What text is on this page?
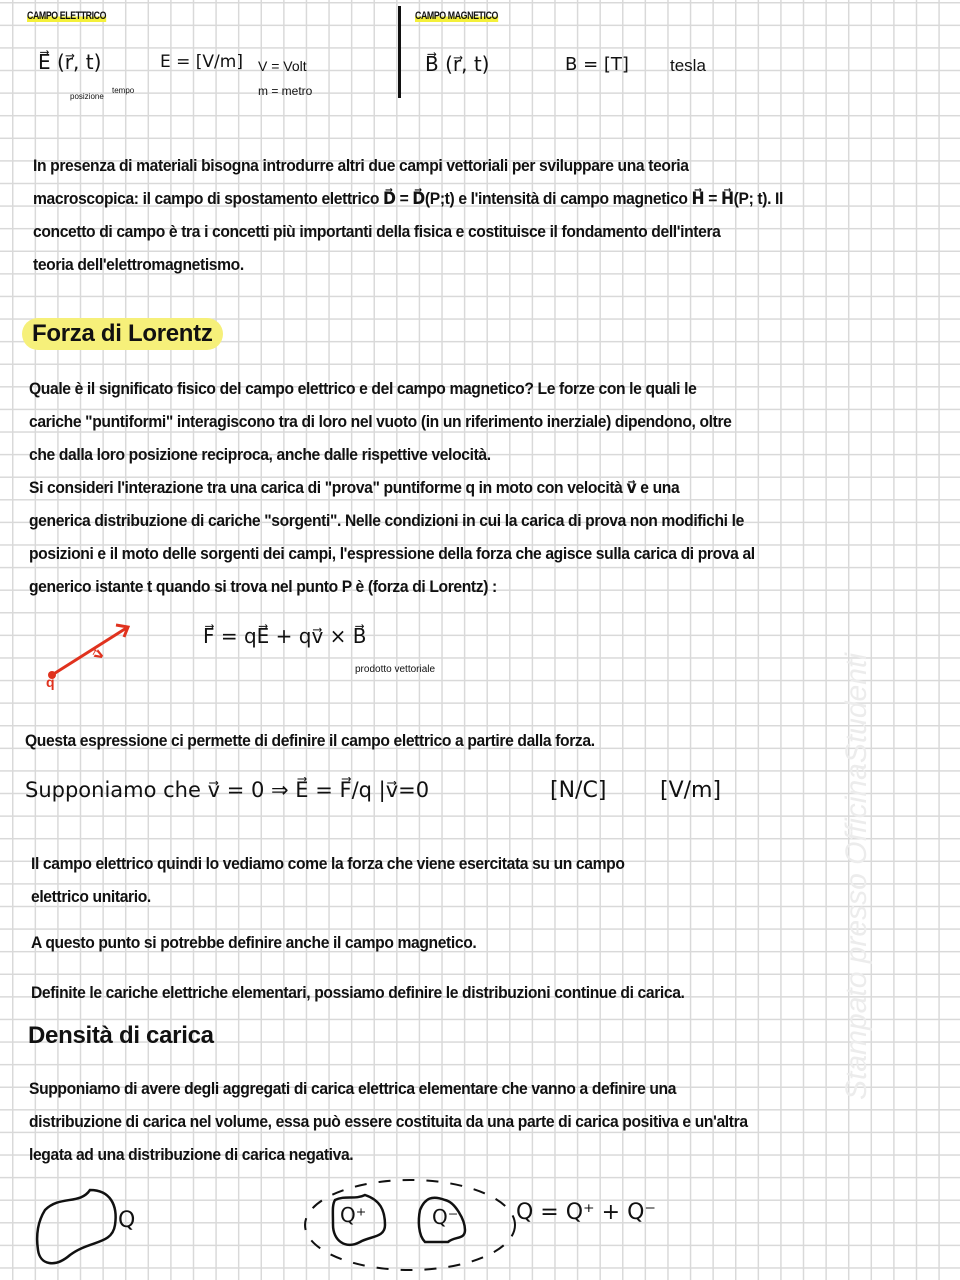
Stampato presso OfficinaStudenti
CAMPO ELETTRICO
E⃗ (r⃗, t)
posizione
tempo
E = [V/m] V = Volt
m = metro
CAMPO MAGNETICO
B⃗ (r⃗, t)	B = [T] tesla
In presenza di materiali bisogna introdurre altri due campi vettoriali per sviluppare una teoria
macroscopica: il campo di spostamento elettrico D⃗ = D⃗(P;t) e l'intensità di campo magnetico H⃗ = H⃗(P; t). Il
concetto di campo è tra i concetti più importanti della fisica e costituisce il fondamento dell'intera
teoria dell'elettromagnetismo.
Forza di Lorentz
Quale è il significato fisico del campo elettrico e del campo magnetico? Le forze con le quali le
cariche "puntiformi" interagiscono tra di loro nel vuoto (in un riferimento inerziale) dipendono, oltre
che dalla loro posizione reciproca, anche dalle rispettive velocità.
Si consideri l'interazione tra una carica di "prova" puntiforme q in moto con velocità v⃗ e una
generica distribuzione di cariche "sorgenti". Nelle condizioni in cui la carica di prova non modifichi le
posizioni e il moto delle sorgenti dei campi, l'espressione della forza che agisce sulla carica di prova al
generico istante t quando si trova nel punto P è (forza di Lorentz) :
q
v⃗
F⃗ = qE⃗ + qv⃗ × B⃗
prodotto vettoriale
Questa espressione ci permette di definire il campo elettrico a partire dalla forza.
Supponiamo che v⃗ = 0 ⇒ E⃗ = F⃗/q |v⃗=0	[N/C] [V/m]
Il campo elettrico quindi lo vediamo come la forza che viene esercitata su un campo
elettrico unitario.
A questo punto si potrebbe definire anche il campo magnetico.
Definite le cariche elettriche elementari, possiamo definire le distribuzioni continue di carica.
Densità di carica
Supponiamo di avere degli aggregati di carica elettrica elementare che vanno a definire una
distribuzione di carica nel volume, essa può essere costituita da una parte di carica positiva e un'altra
legata ad una distribuzione di carica negativa.
Q	Q⁺	Q⁻	Q = Q⁺ + Q⁻
